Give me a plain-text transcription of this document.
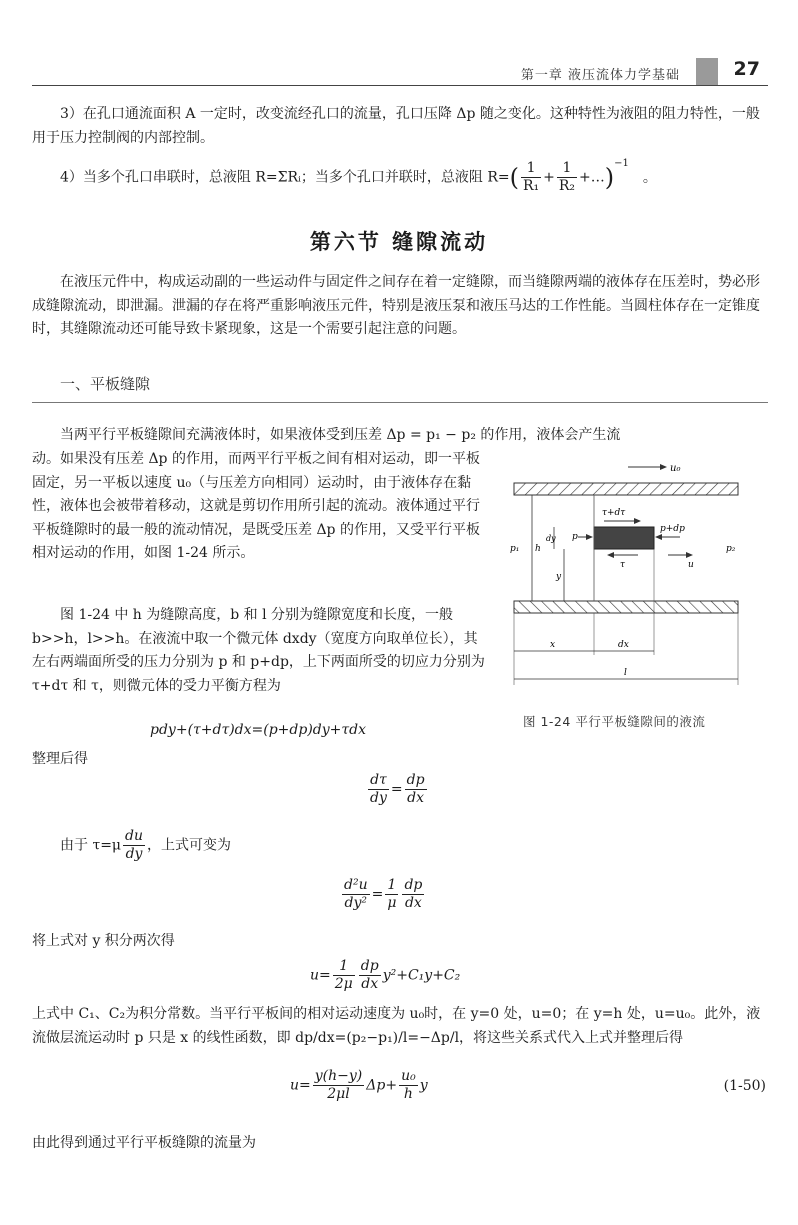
第一章 液压流体力学基础	27
3）在孔口通流面积 A 一定时，改变流经孔口的流量，孔口压降 Δp 随之变化。这种特性为液阻的阻力特性，一般用于压力控制阀的内部控制。
4）当多个孔口串联时，总液阻 R=ΣRᵢ；当多个孔口并联时，总液阻 $R=( \frac{1}{\text{R₁}} + \frac{1}{\text{R₂}}$ +…)$^{-1}$。
第六节 缝隙流动
在液压元件中，构成运动副的一些运动件与固定件之间存在着一定缝隙，而当缝隙两端的液体存在压差时，势必形成缝隙流动，即泄漏。泄漏的存在将严重影响液压元件，特别是液压泵和液压马达的工作性能。当圆柱体存在一定锥度时，其缝隙流动还可能导致卡紧现象，这是一个需要引起注意的问题。
一、平板缝隙
当两平行平板缝隙间充满液体时，如果液体受到压差 Δp = p₁ − p₂ 的作用，液体会产生流
动。如果没有压差 Δp 的作用，而两平行平板之间有相对运动，即一平板固定，另一平板以速度 u₀（与压差方向相同）运动时，由于液体存在黏性，液体也会被带着移动，这就是剪切作用所引起的流动。液体通过平行平板缝隙时的最一般的流动情况，是既受压差 Δp 的作用，又受平行平板相对运动的作用，如图 1-24 所示。
图 1-24 中 h 为缝隙高度，b 和 l 分别为缝隙宽度和长度，一般 b>>h，l>>h。在液流中取一个微元体 dxdy（宽度方向取单位长），其左右两端面所受的压力分别为 p 和 p+dp，上下两面所受的切应力分别为 τ+dτ 和 τ，则微元体的受力平衡方程为
pdy+(τ+dτ)dx=(p+dp)dy+τdx
整理后得
$\frac{d\tau}{dy} = \frac{dp}{dx}$
由于 $\tau=\mu \frac{du}{dy}$ ，上式可变为
$\frac{\text{d²u}}{\text{dy²}} = \frac{1}{\mu} \frac{dp}{dx}$
将上式对 y 积分两次得
$u= \frac{1}{2\mu} \frac{dp}{dx} y^2+C_1y+C_2$
上式中 C₁、C₂为积分常数。当平行平板间的相对运动速度为 u₀时，在 y=0 处，u=0；在 y=h 处，u=u₀。此外，液流做层流运动时 p 只是 x 的线性函数，即 dp/dx=(p₂−p₁)/l=−Δp/l，将这些关系式代入上式并整理后得
$u= \frac{y(h-y)}{2\mu l} \Delta p+ \frac{\text{u₀}}{h}$ y	(1-50)
由此得到通过平行平板缝隙的流量为
u₀
τ+dτ
p
p+dp
τ	u
p₁	p₂
h
dy
y
x	dx
l
图 1-24 平行平板缝隙间的液流
